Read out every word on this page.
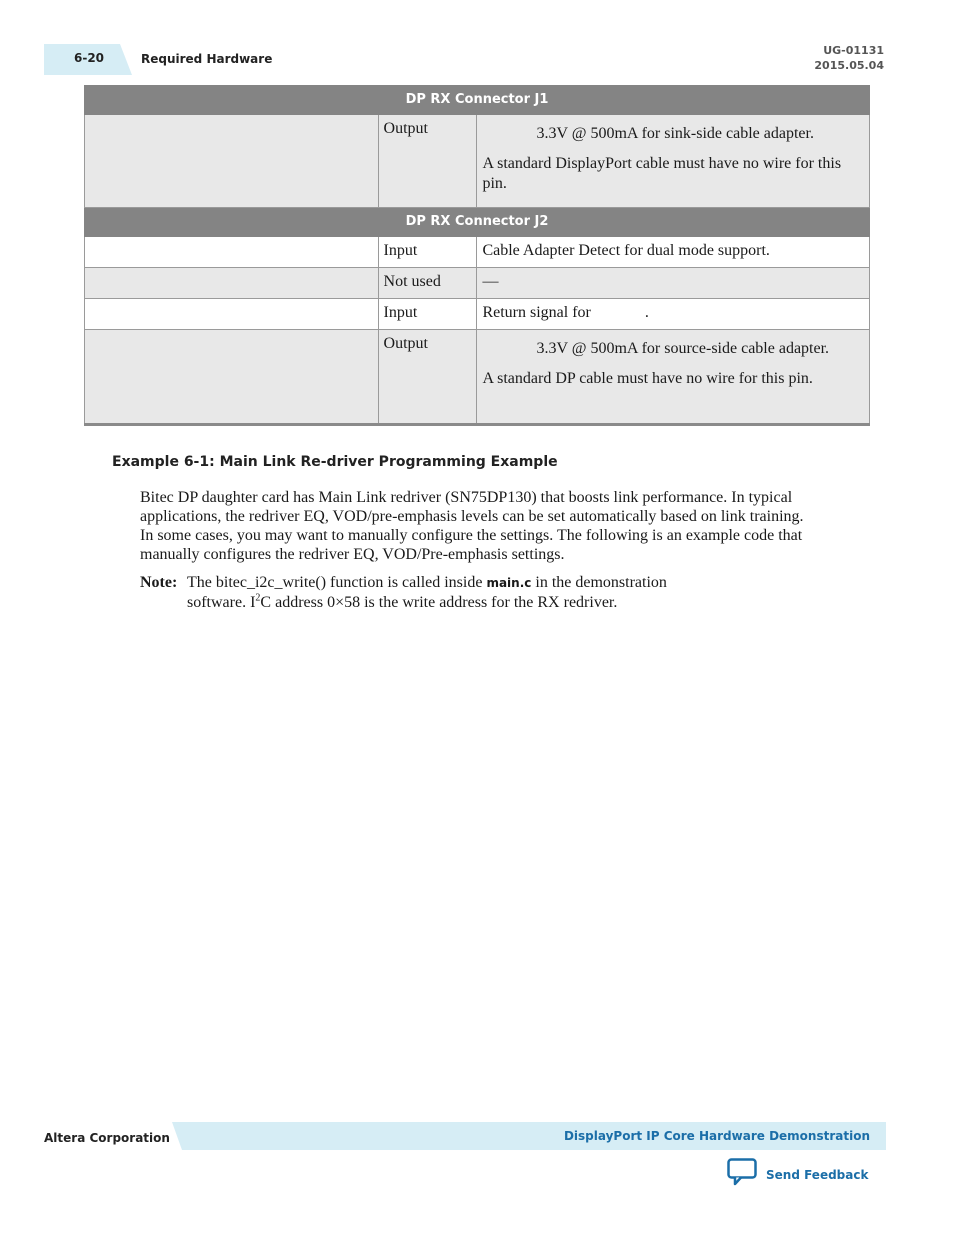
6-20	Required Hardware
UG-01131
2015.05.04
DP RX Connector J1		
	Output	3.3V @ 500mA for sink-side cable adapter.

A standard DisplayPort cable must have no wire for this pin.

DP RX Connector J2		
	Input	Cable Adapter Detect for dual mode support.
	Not used	—
	Input	Return signal for .
	Output	3.3V @ 500mA for source-side cable adapter.

A standard DP cable must have no wire for this pin.

Example 6-1: Main Link Re-driver Programming Example
Bitec DP daughter card has Main Link redriver (SN75DP130) that boosts link performance. In typical applications, the redriver EQ, VOD/pre-emphasis levels can be set automatically based on link training. In some cases, you may want to manually configure the settings. The following is an example code that manually configures the redriver EQ, VOD/Pre-emphasis settings.
Note: The bitec_i2c_write() function is called inside main.c in the demonstration
software. $I^2C$ address 0×58 is the write address for the RX redriver.
Altera Corporation	DisplayPort IP Core Hardware Demonstration
Send Feedback
